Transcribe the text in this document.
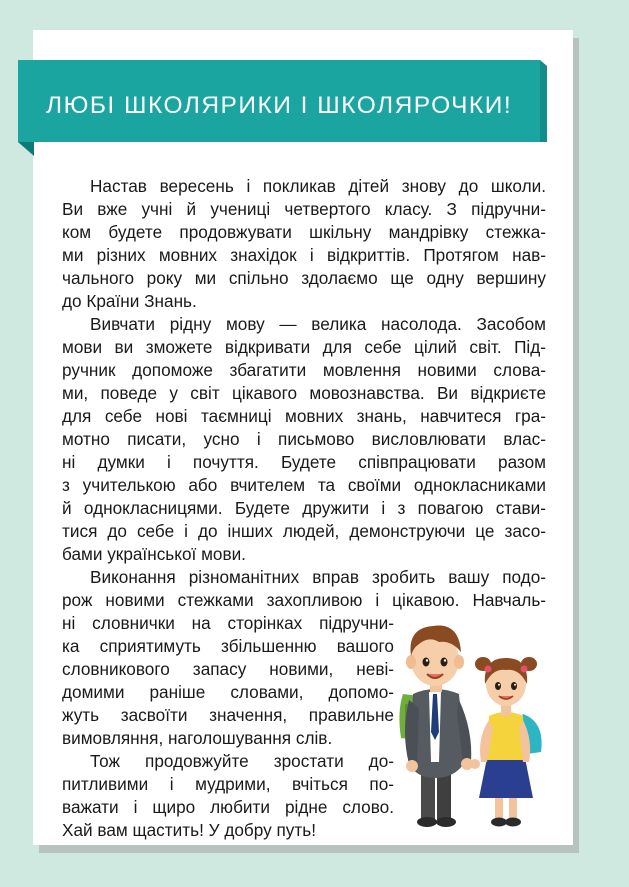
ЛЮБІ ШКОЛЯРИКИ І ШКОЛЯРОЧКИ!
Настав вересень і покликав дітей знову до школи.
Ви вже учні й учениці четвертого класу. З підручни-
ком будете продовжувати шкільну мандрівку стежка-
ми різних мовних знахідок і відкриттів. Протягом нав-
чального року ми спільно здолаємо ще одну вершину
до Країни Знань.
Вивчати рідну мову — велика насолода. Засобом
мови ви зможете відкривати для себе цілий світ. Під-
ручник допоможе збагатити мовлення новими слова-
ми, поведе у світ цікавого мовознавства. Ви відкриєте
для себе нові таємниці мовних знань, навчитеся гра-
мотно писати, усно і письмово висловлювати влас-
ні думки і почуття. Будете співпрацювати разом
з учителькою або вчителем та своїми однокласниками
й однокласницями. Будете дружити і з повагою стави-
тися до себе і до інших людей, демонструючи це засо-
бами української мови.
Виконання різноманітних вправ зробить вашу подо-
рож новими стежками захопливою і цікавою. Навчаль-
ні словнички на сторінках підручни-
ка сприятимуть збільшенню вашого
словникового запасу новими, неві-
домими раніше словами, допомо-
жуть засвоїти значення, правильне
вимовляння, наголошування слів.
Тож продовжуйте зростати до-
питливими і мудрими, вчіться по-
важати і щиро любити рідне слово.
Хай вам щастить! У добру путь!
